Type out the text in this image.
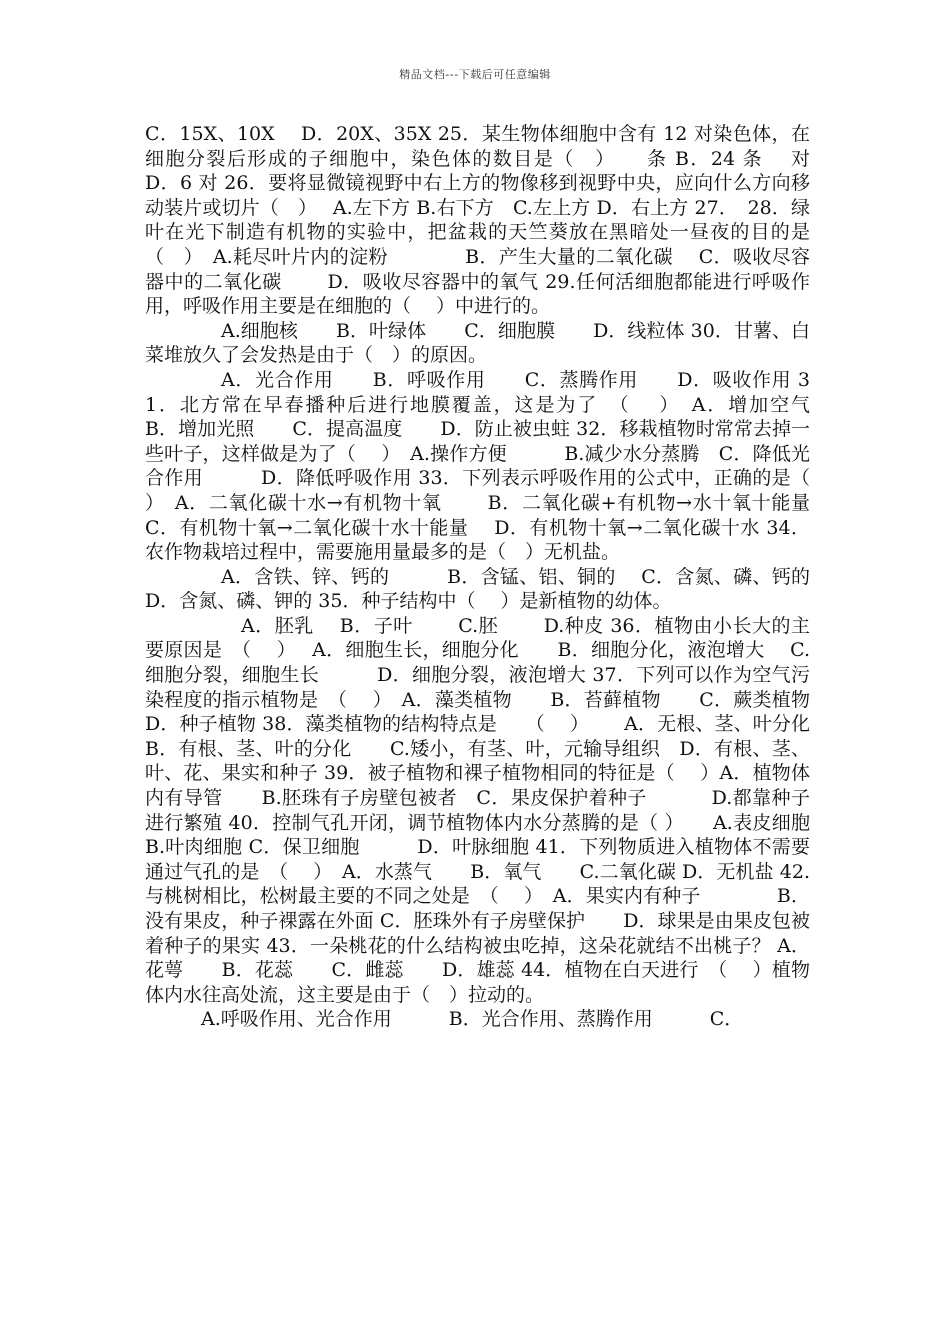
精品文档---下载后可任意编辑

C．15X、10X　 D．20X、35X 25．某生物体细胞中含有 12 对染色体，在细胞分裂后形成的子细胞中，染色体的数目是（　）　　条 B．24 条　 对　D．6 对 26．要将显微镜视野中右上方的物像移到视野中央，应向什么方向移动装片或切片（　）　 A.左下方 B.右下方　C.左上方 D．右上方 27．　28．绿叶在光下制造有机物的实验中，把盆栽的天竺葵放在黑暗处一昼夜的目的是（　）　A.耗尽叶片内的淀粉　　　　B．产生大量的二氧化碳　 C．吸收尽容器中的二氧化碳　　 D．吸收尽容器中的氧气 29.任何活细胞都能进行呼吸作用，呼吸作用主要是在细胞的（　 ）中进行的。

A.细胞核　　B．叶绿体　　C．细胞膜　　D．线粒体 30．甘薯、白菜堆放久了会发热是由于（　）的原因。

A．光合作用　　B．呼吸作用　　C．蒸腾作用　　D．吸收作用 31．北方常在早春播种后进行地膜覆盖，这是为了　（　 ）　A．增加空气　　B．增加光照　　C．提高温度　　D．防止被虫蛀 32．移栽植物时常常去掉一些叶子，这样做是为了（　 ）　A.操作方便　　　B.减少水分蒸腾　C．降低光合作用　　　D．降低呼吸作用 33．下列表示呼吸作用的公式中，正确的是（　 ）　A．二氧化碳十水→有机物十氧　　 B．二氧化碳+有机物→水十氧十能量　 C．有机物十氧→二氧化碳十水十能量　 D．有机物十氧→二氧化碳十水 34．农作物栽培过程中，需要施用量最多的是（　）无机盐。

A．含铁、锌、钙的　　　B．含锰、铝、铜的　 C．含氮、磷、钙的　　　D．含氮、磷、钾的 35．种子结构中（　 ）是新植物的幼体。

A．胚乳　 B．子叶　　 C.胚　　 D.种皮 36．植物由小长大的主要原因是　（　 ）　 A．细胞生长，细胞分化　　B．细胞分化，液泡增大　 C.细胞分裂，细胞生长　　　D．细胞分裂，液泡增大 37．下列可以作为空气污染程度的指示植物是　（　 ）　A．藻类植物　　B．苔藓植物　　C．蕨类植物　 D．种子植物 38．藻类植物的结构特点是　　（　 ）　　 A．无根、茎、叶分化　 B．有根、茎、叶的分化　　C.矮小，有茎、叶，元输导组织　D．有根、茎、叶、花、果实和种子 39．被子植物和裸子植物相同的特征是（　 ）A．植物体内有导管　　B.胚珠有子房壁包被者　C．果皮保护着种子　　　 D.都靠种子进行繁殖 40．控制气孔开闭，调节植物体内水分蒸腾的是（ ）　　A.表皮细胞　　　B.叶肉细胞 C．保卫细胞　　　D．叶脉细胞 41．下列物质进入植物体不需要通过气孔的是　（　 ）　A．水蒸气　　B．氧气　　C.二氧化碳 D．无机盐 42.与桃树相比，松树最主要的不同之处是　（　 ）　A．果实内有种子　　　　B．没有果皮，种子裸露在外面 C．胚珠外有子房壁保护　　D．球果是由果皮包被着种子的果实 43．一朵桃花的什么结构被虫吃掉，这朵花就结不出桃子？ A．花萼　　B．花蕊　　C．雌蕊　　D．雄蕊 44．植物在白天进行　（　 ）植物体内水往高处流，这主要是由于（　）拉动的。

A.呼吸作用、光合作用　　　B．光合作用、蒸腾作用　　　C．
